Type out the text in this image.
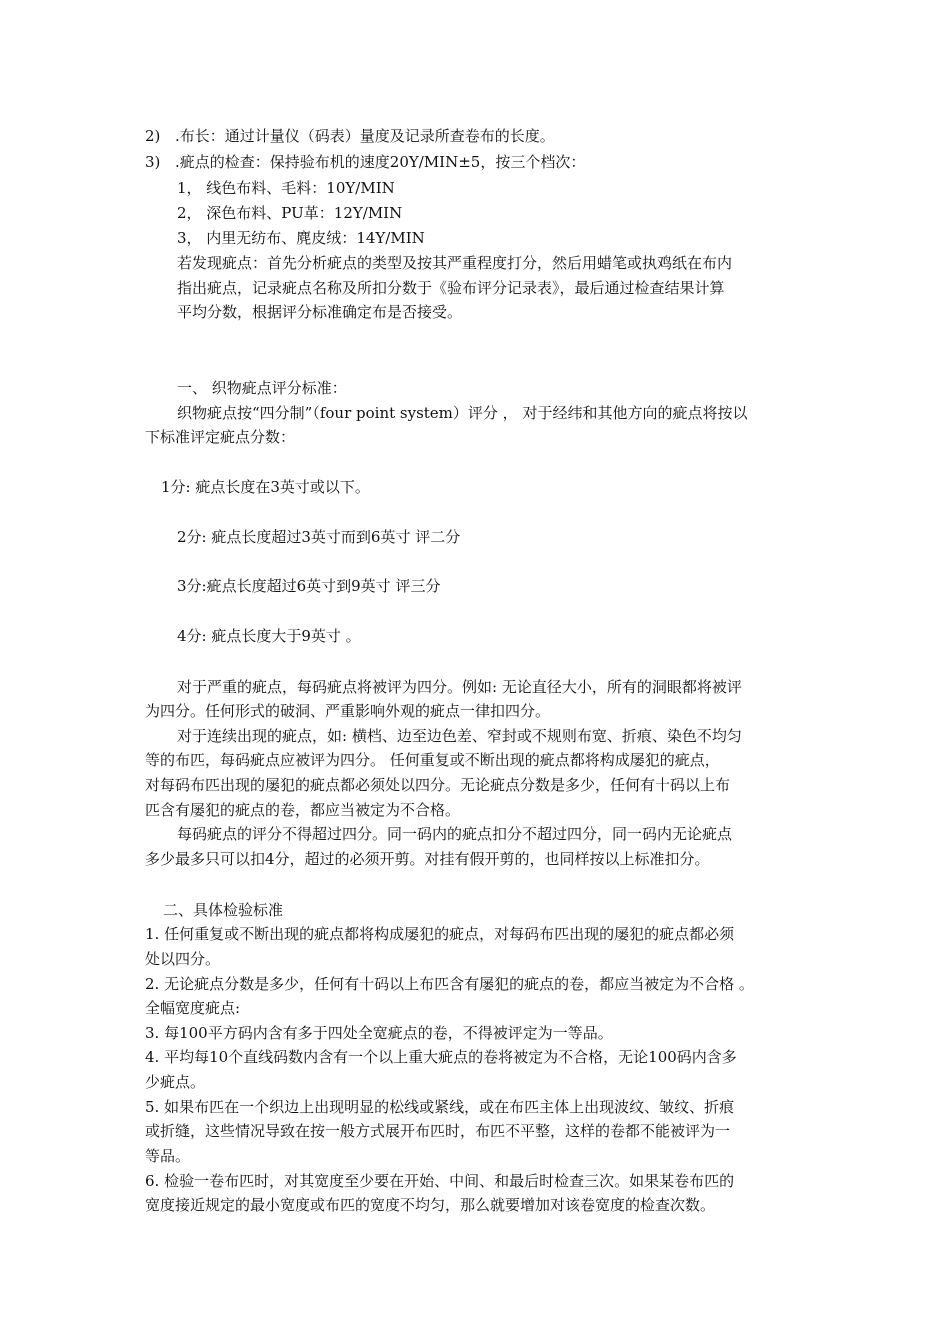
2) .布长：通过计量仪（码表）量度及记录所查卷布的长度。
3) .疵点的检查：保持验布机的速度20Y/MIN±5，按三个档次：
1， 线色布料、毛料：10Y/MIN
2， 深色布料、PU革：12Y/MIN
3， 内里无纺布、麂皮绒：14Y/MIN
若发现疵点：首先分析疵点的类型及按其严重程度打分，然后用蜡笔或执鸡纸在布内
指出疵点，记录疵点名称及所扣分数于《验布评分记录表》，最后通过检查结果计算
平均分数，根据评分标准确定布是否接受。
一、 织物疵点评分标准：
织物疵点按“四分制”（four point system）评分 ， 对于经纬和其他方向的疵点将按以
下标准评定疵点分数：
1分: 疵点长度在3英寸或以下。
2分: 疵点长度超过3英寸而到6英寸 评二分
3分:疵点长度超过6英寸到9英寸 评三分
4分: 疵点长度大于9英寸 。
对于严重的疵点，每码疵点将被评为四分。例如: 无论直径大小，所有的洞眼都将被评
为四分。任何形式的破洞、严重影响外观的疵点一律扣四分。
对于连续出现的疵点，如: 横档、边至边色差、窄封或不规则布宽、折痕、染色不均匀
等的布匹，每码疵点应被评为四分。 任何重复或不断出现的疵点都将构成屡犯的疵点，
对每码布匹出现的屡犯的疵点都必须处以四分。无论疵点分数是多少，任何有十码以上布
匹含有屡犯的疵点的卷，都应当被定为不合格。
每码疵点的评分不得超过四分。同一码内的疵点扣分不超过四分，同一码内无论疵点
多少最多只可以扣4分，超过的必须开剪。对挂有假开剪的，也同样按以上标准扣分。
二、具体检验标准
1. 任何重复或不断出现的疵点都将构成屡犯的疵点，对每码布匹出现的屡犯的疵点都必须
处以四分。
2. 无论疵点分数是多少，任何有十码以上布匹含有屡犯的疵点的卷，都应当被定为不合格 。
全幅宽度疵点:
3. 每100平方码内含有多于四处全宽疵点的卷，不得被评定为一等品。
4. 平均每10个直线码数内含有一个以上重大疵点的卷将被定为不合格，无论100码内含多
少疵点。
5. 如果布匹在一个织边上出现明显的松线或紧线，或在布匹主体上出现波纹、皱纹、折痕
或折缝，这些情况导致在按一般方式展开布匹时，布匹不平整，这样的卷都不能被评为一
等品。
6. 检验一卷布匹时，对其宽度至少要在开始、中间、和最后时检查三次。如果某卷布匹的
宽度接近规定的最小宽度或布匹的宽度不均匀，那么就要增加对该卷宽度的检查次数。
